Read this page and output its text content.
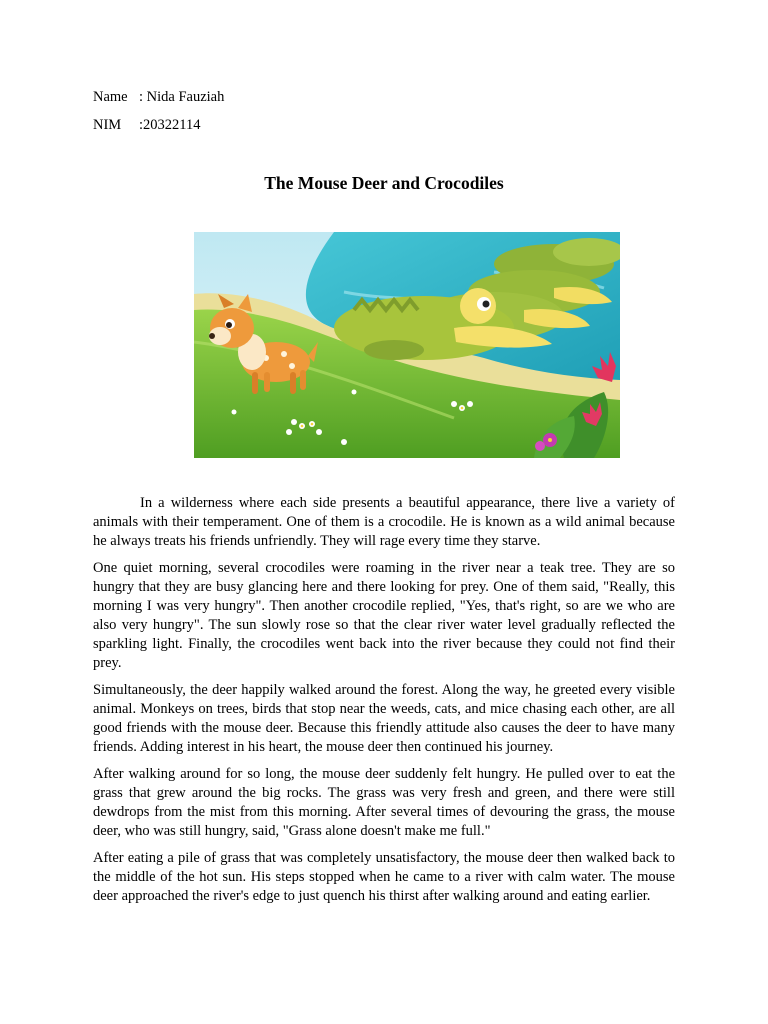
Name : Nida Fauziah
NIM :20322114
The Mouse Deer and Crocodiles

In a wilderness where each side presents a beautiful appearance, there live a variety of animals with their temperament. One of them is a crocodile. He is known as a wild animal because he always treats his friends unfriendly. They will rage every time they starve.

One quiet morning, several crocodiles were roaming in the river near a teak tree. They are so hungry that they are busy glancing here and there looking for prey. One of them said, "Really, this morning I was very hungry". Then another crocodile replied, "Yes, that's right, so are we who are also very hungry". The sun slowly rose so that the clear river water level gradually reflected the sparkling light. Finally, the crocodiles went back into the river because they could not find their prey.

Simultaneously, the deer happily walked around the forest. Along the way, he greeted every visible animal. Monkeys on trees, birds that stop near the weeds, cats, and mice chasing each other, are all good friends with the mouse deer. Because this friendly attitude also causes the deer to have many friends. Adding interest in his heart, the mouse deer then continued his journey.

After walking around for so long, the mouse deer suddenly felt hungry. He pulled over to eat the grass that grew around the big rocks. The grass was very fresh and green, and there were still dewdrops from the mist from this morning. After several times of devouring the grass, the mouse deer, who was still hungry, said, "Grass alone doesn't make me full."

After eating a pile of grass that was completely unsatisfactory, the mouse deer then walked back to the middle of the hot sun. His steps stopped when he came to a river with calm water. The mouse deer approached the river's edge to just quench his thirst after walking around and eating earlier.
